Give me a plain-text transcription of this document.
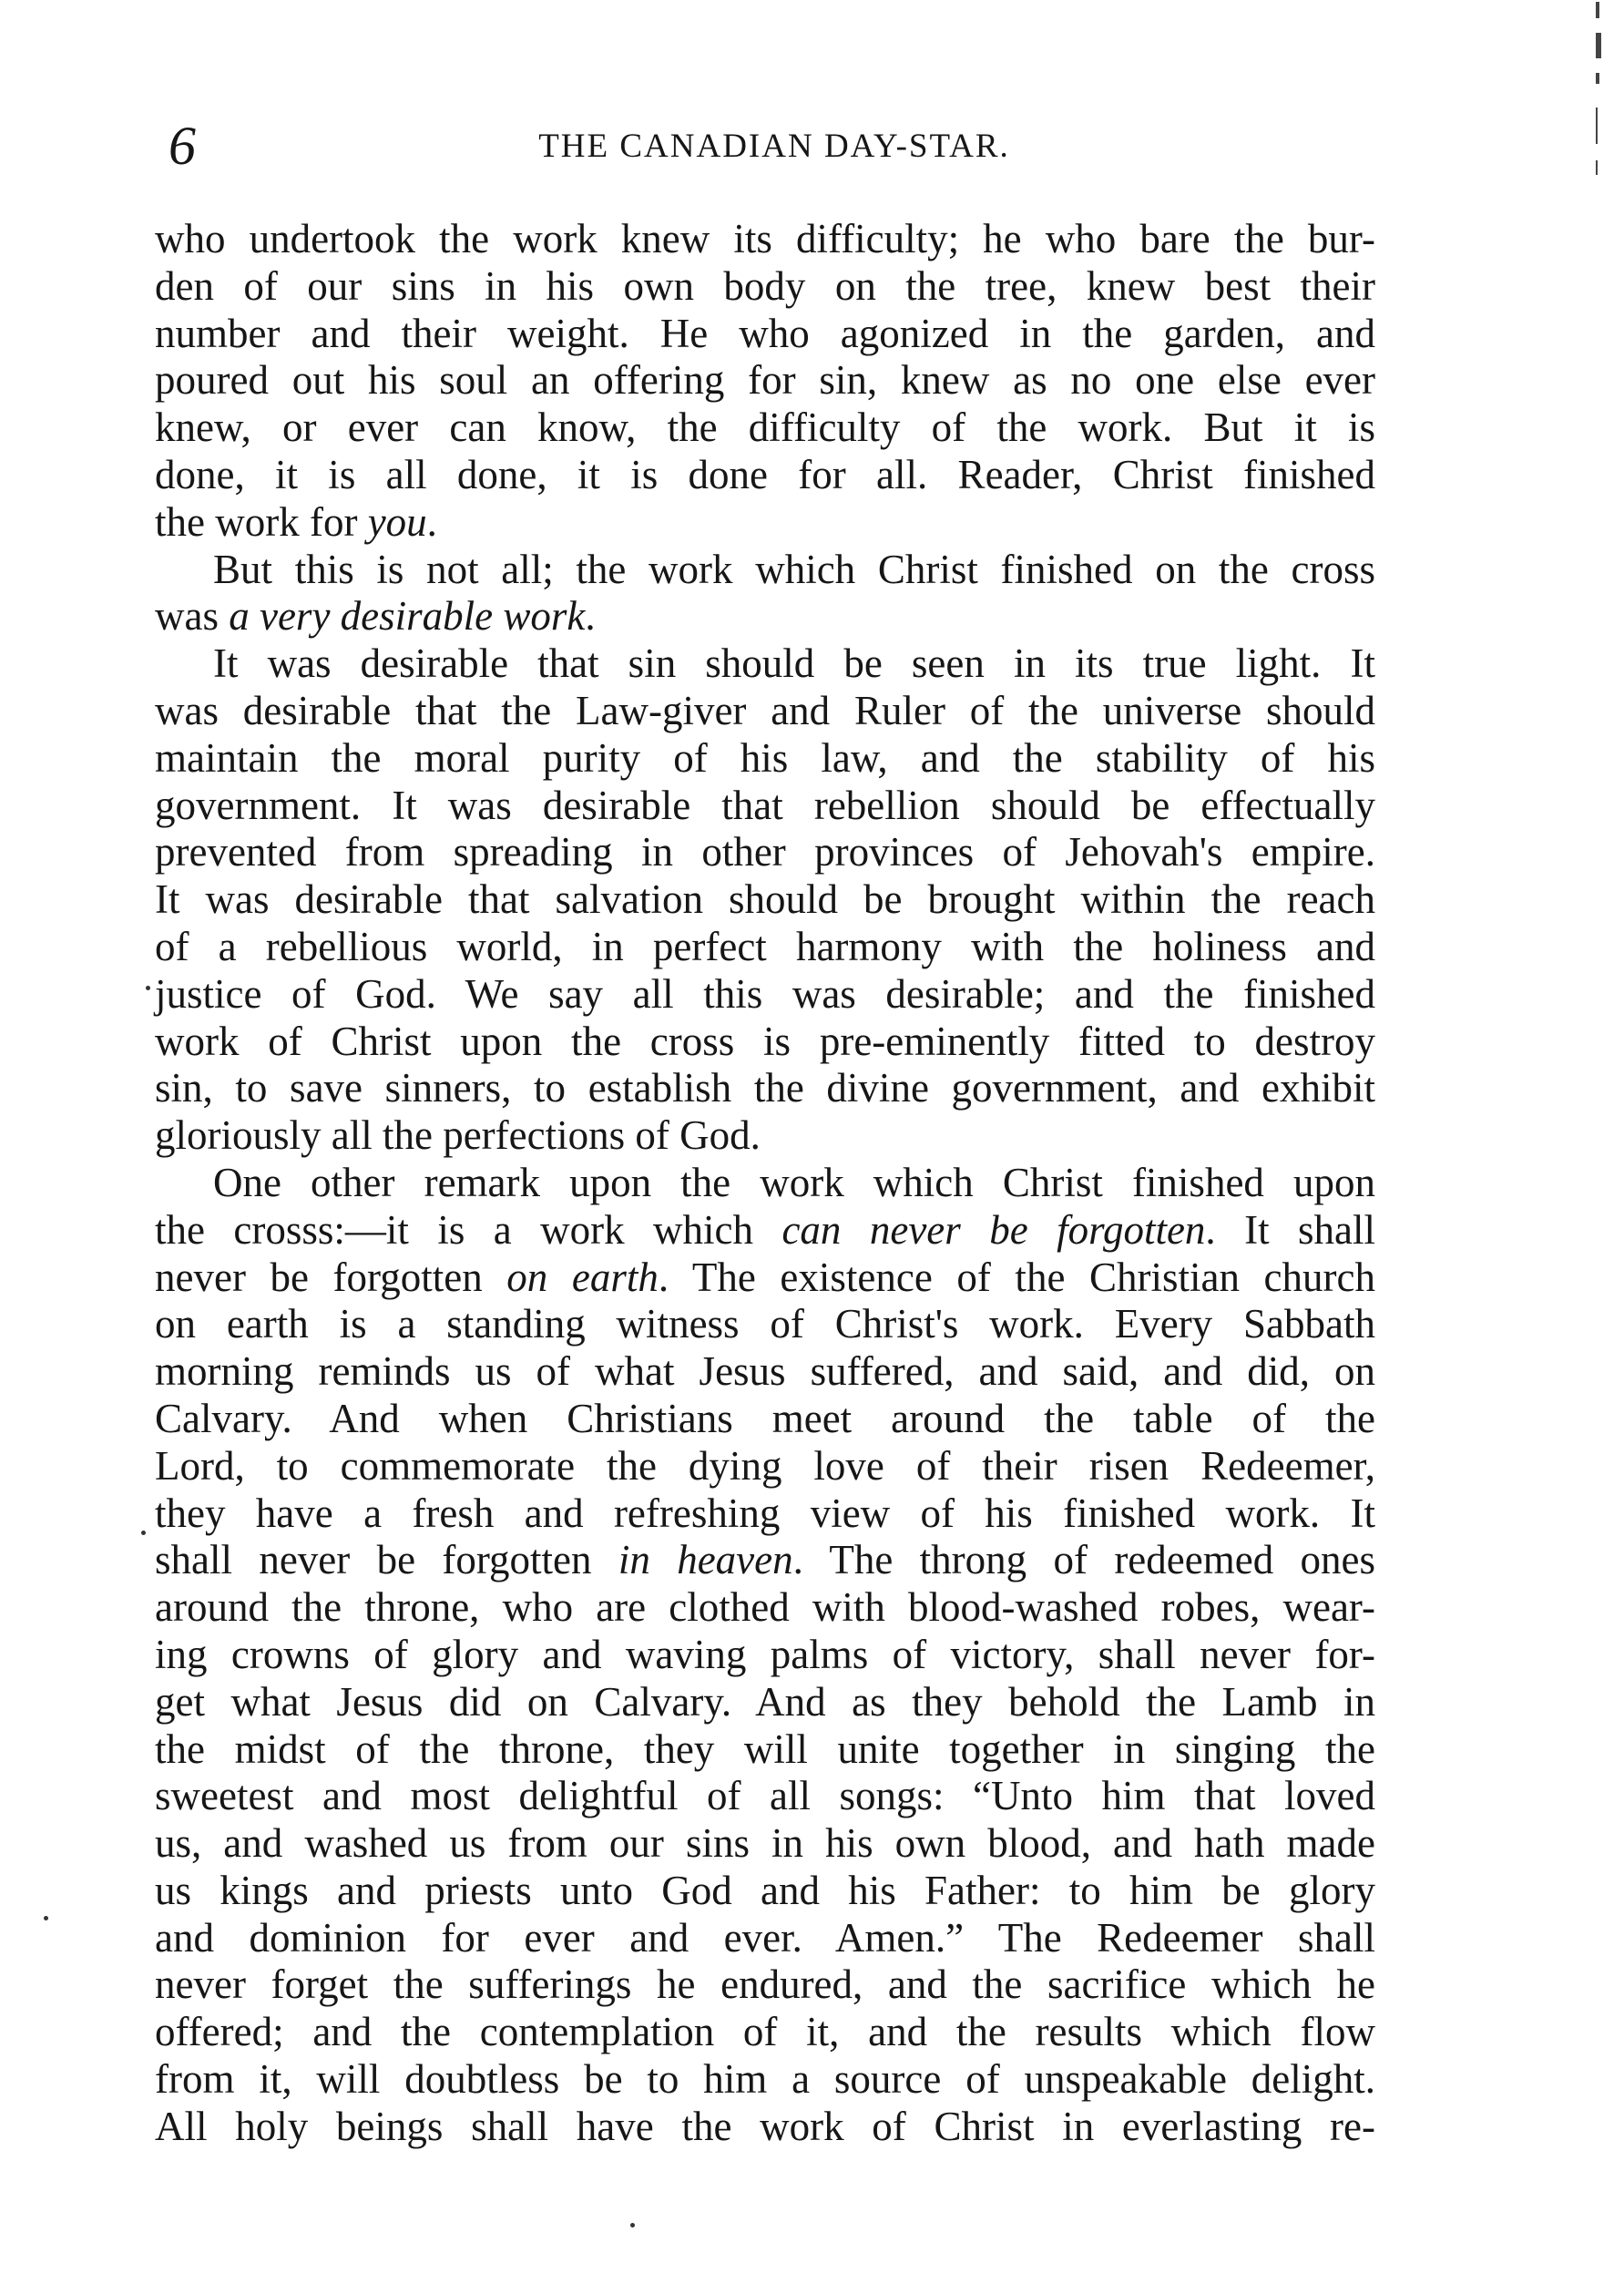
6	THE CANADIAN DAY-STAR.
who undertook the work knew its difficulty; he who bare the bur-
den of our sins in his own body on the tree, knew best their
number and their weight. He who agonized in the garden, and
poured out his soul an offering for sin, knew as no one else ever
knew, or ever can know, the difficulty of the work. But it is
done, it is all done, it is done for all. Reader, Christ finished
the work for you.
But this is not all; the work which Christ finished on the cross
was a very desirable work.
It was desirable that sin should be seen in its true light. It
was desirable that the Law-giver and Ruler of the universe should
maintain the moral purity of his law, and the stability of his
government. It was desirable that rebellion should be effectually
prevented from spreading in other provinces of Jehovah's empire.
It was desirable that salvation should be brought within the reach
of a rebellious world, in perfect harmony with the holiness and
justice of God. We say all this was desirable; and the finished
work of Christ upon the cross is pre-eminently fitted to destroy
sin, to save sinners, to establish the divine government, and exhibit
gloriously all the perfections of God.
One other remark upon the work which Christ finished upon
the crosss:—it is a work which can never be forgotten. It shall
never be forgotten on earth. The existence of the Christian church
on earth is a standing witness of Christ's work. Every Sabbath
morning reminds us of what Jesus suffered, and said, and did, on
Calvary. And when Christians meet around the table of the
Lord, to commemorate the dying love of their risen Redeemer,
they have a fresh and refreshing view of his finished work. It
shall never be forgotten in heaven. The throng of redeemed ones
around the throne, who are clothed with blood-washed robes, wear-
ing crowns of glory and waving palms of victory, shall never for-
get what Jesus did on Calvary. And as they behold the Lamb in
the midst of the throne, they will unite together in singing the
sweetest and most delightful of all songs: “Unto him that loved
us, and washed us from our sins in his own blood, and hath made
us kings and priests unto God and his Father: to him be glory
and dominion for ever and ever. Amen.” The Redeemer shall
never forget the sufferings he endured, and the sacrifice which he
offered; and the contemplation of it, and the results which flow
from it, will doubtless be to him a source of unspeakable delight.
All holy beings shall have the work of Christ in everlasting re-
